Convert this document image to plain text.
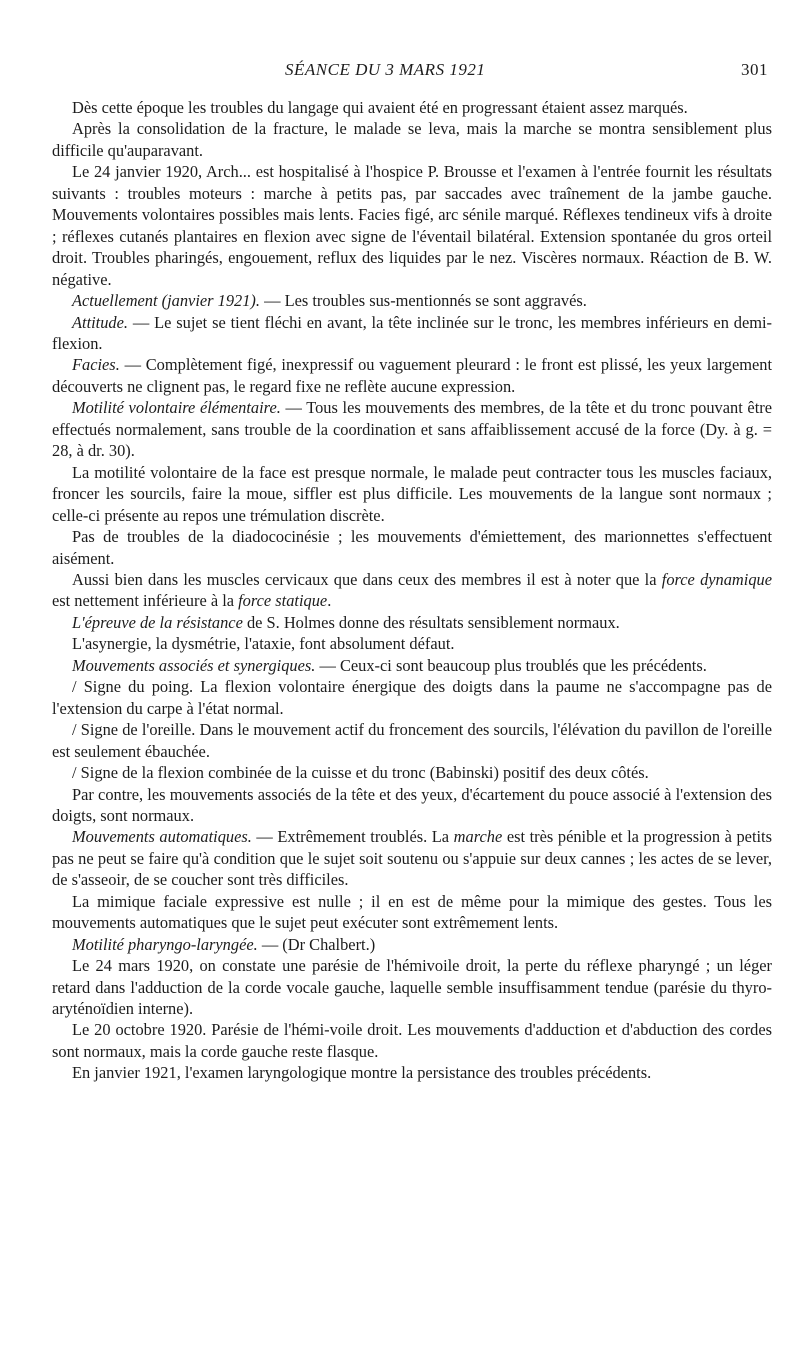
SÉANCE DU 3 MARS 1921	301

Dès cette époque les troubles du langage qui avaient été en progressant étaient assez marqués.

Après la consolidation de la fracture, le malade se leva, mais la marche se montra sensiblement plus difficile qu'auparavant.

Le 24 janvier 1920, Arch... est hospitalisé à l'hospice P. Brousse et l'examen à l'entrée fournit les résultats suivants : troubles moteurs : marche à petits pas, par saccades avec traînement de la jambe gauche. Mouvements volontaires possibles mais lents. Facies figé, arc sénile marqué. Réflexes tendineux vifs à droite ; réflexes cutanés plantaires en flexion avec signe de l'éventail bilatéral. Extension spontanée du gros orteil droit. Troubles pharingés, engouement, reflux des liquides par le nez. Viscères normaux. Réaction de B. W. négative.

Actuellement (janvier 1921). — Les troubles sus-mentionnés se sont aggravés.

Attitude. — Le sujet se tient fléchi en avant, la tête inclinée sur le tronc, les membres inférieurs en demi-flexion.

Facies. — Complètement figé, inexpressif ou vaguement pleurard : le front est plissé, les yeux largement découverts ne clignent pas, le regard fixe ne reflète aucune expression.

Motilité volontaire élémentaire. — Tous les mouvements des membres, de la tête et du tronc pouvant être effectués normalement, sans trouble de la coordination et sans affaiblissement accusé de la force (Dy. à g. = 28, à dr. 30).

La motilité volontaire de la face est presque normale, le malade peut contracter tous les muscles faciaux, froncer les sourcils, faire la moue, siffler est plus difficile. Les mouvements de la langue sont normaux ; celle-ci présente au repos une trémulation discrète.

Pas de troubles de la diadococinésie ; les mouvements d'émiettement, des marionnettes s'effectuent aisément.

Aussi bien dans les muscles cervicaux que dans ceux des membres il est à noter que la force dynamique est nettement inférieure à la force statique.

L'épreuve de la résistance de S. Holmes donne des résultats sensiblement normaux.

L'asynergie, la dysmétrie, l'ataxie, font absolument défaut.

Mouvements associés et synergiques. — Ceux-ci sont beaucoup plus troublés que les précédents.

/ Signe du poing. La flexion volontaire énergique des doigts dans la paume ne s'accompagne pas de l'extension du carpe à l'état normal.

/ Signe de l'oreille. Dans le mouvement actif du froncement des sourcils, l'élévation du pavillon de l'oreille est seulement ébauchée.

/ Signe de la flexion combinée de la cuisse et du tronc (Babinski) positif des deux côtés.

Par contre, les mouvements associés de la tête et des yeux, d'écartement du pouce associé à l'extension des doigts, sont normaux.

Mouvements automatiques. — Extrêmement troublés. La marche est très pénible et la progression à petits pas ne peut se faire qu'à condition que le sujet soit soutenu ou s'appuie sur deux cannes ; les actes de se lever, de s'asseoir, de se coucher sont très difficiles.

La mimique faciale expressive est nulle ; il en est de même pour la mimique des gestes. Tous les mouvements automatiques que le sujet peut exécuter sont extrêmement lents.

Motilité pharyngo-laryngée. — (Dr Chalbert.)

Le 24 mars 1920, on constate une parésie de l'hémivoile droit, la perte du réflexe pharyngé ; un léger retard dans l'adduction de la corde vocale gauche, laquelle semble insuffisamment tendue (parésie du thyro-aryténoïdien interne).

Le 20 octobre 1920. Parésie de l'hémi-voile droit. Les mouvements d'adduction et d'abduction des cordes sont normaux, mais la corde gauche reste flasque.

En janvier 1921, l'examen laryngologique montre la persistance des troubles précédents.
